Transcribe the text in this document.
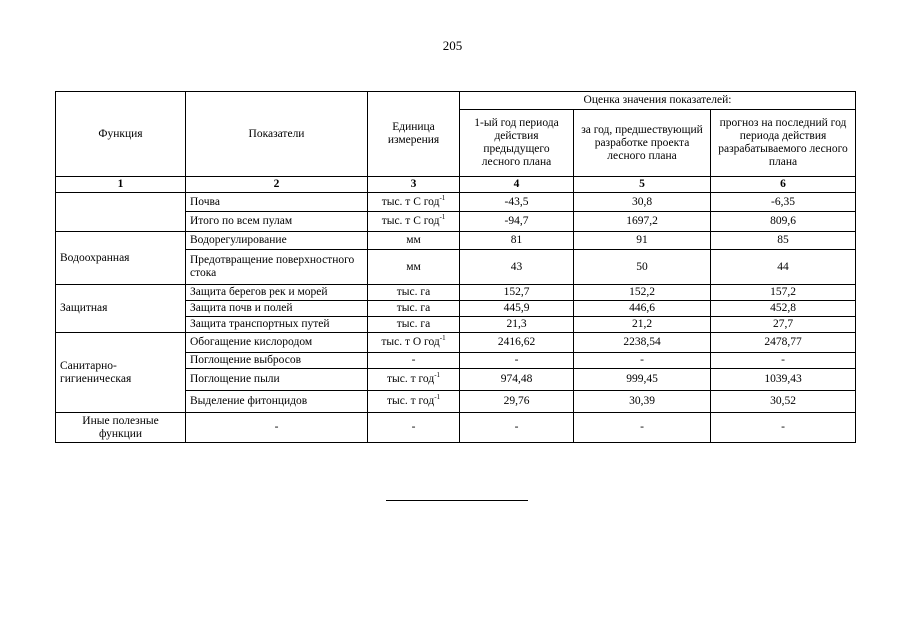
205
Функция	Показатели	Единица измерения	Оценка значения показателей:		
			1-ый год периода действия предыдущего лесного плана	за год, предшествующий разработке проекта лесного плана	прогноз на последний год периода действия разрабатываемого лесного плана
1	2	3	4	5	6
	Почва	тыс. т С год$^{-1}$	-43,5	30,8	-6,35
	Итого по всем пулам	тыс. т С год$^{-1}$	-94,7	1697,2	809,6
Водоохранная	Водорегулирование	мм	81	91	85
	Предотвращение поверхностного стока	мм	43	50	44
Защитная	Защита берегов рек и морей	тыс. га	152,7	152,2	157,2
	Защита почв и полей	тыс. га	445,9	446,6	452,8
	Защита транспортных путей	тыс. га	21,3	21,2	27,7
Санитарно-гигиеническая	Обогащение кислородом	тыс. т О год$^{-1}$	2416,62	2238,54	2478,77
	Поглощение выбросов	-	-	-	-
	Поглощение пыли	тыс. т год$^{-1}$	974,48	999,45	1039,43
	Выделение фитонцидов	тыс. т год$^{-1}$	29,76	30,39	30,52
Иные полезные функции	-	-	-	-	-
